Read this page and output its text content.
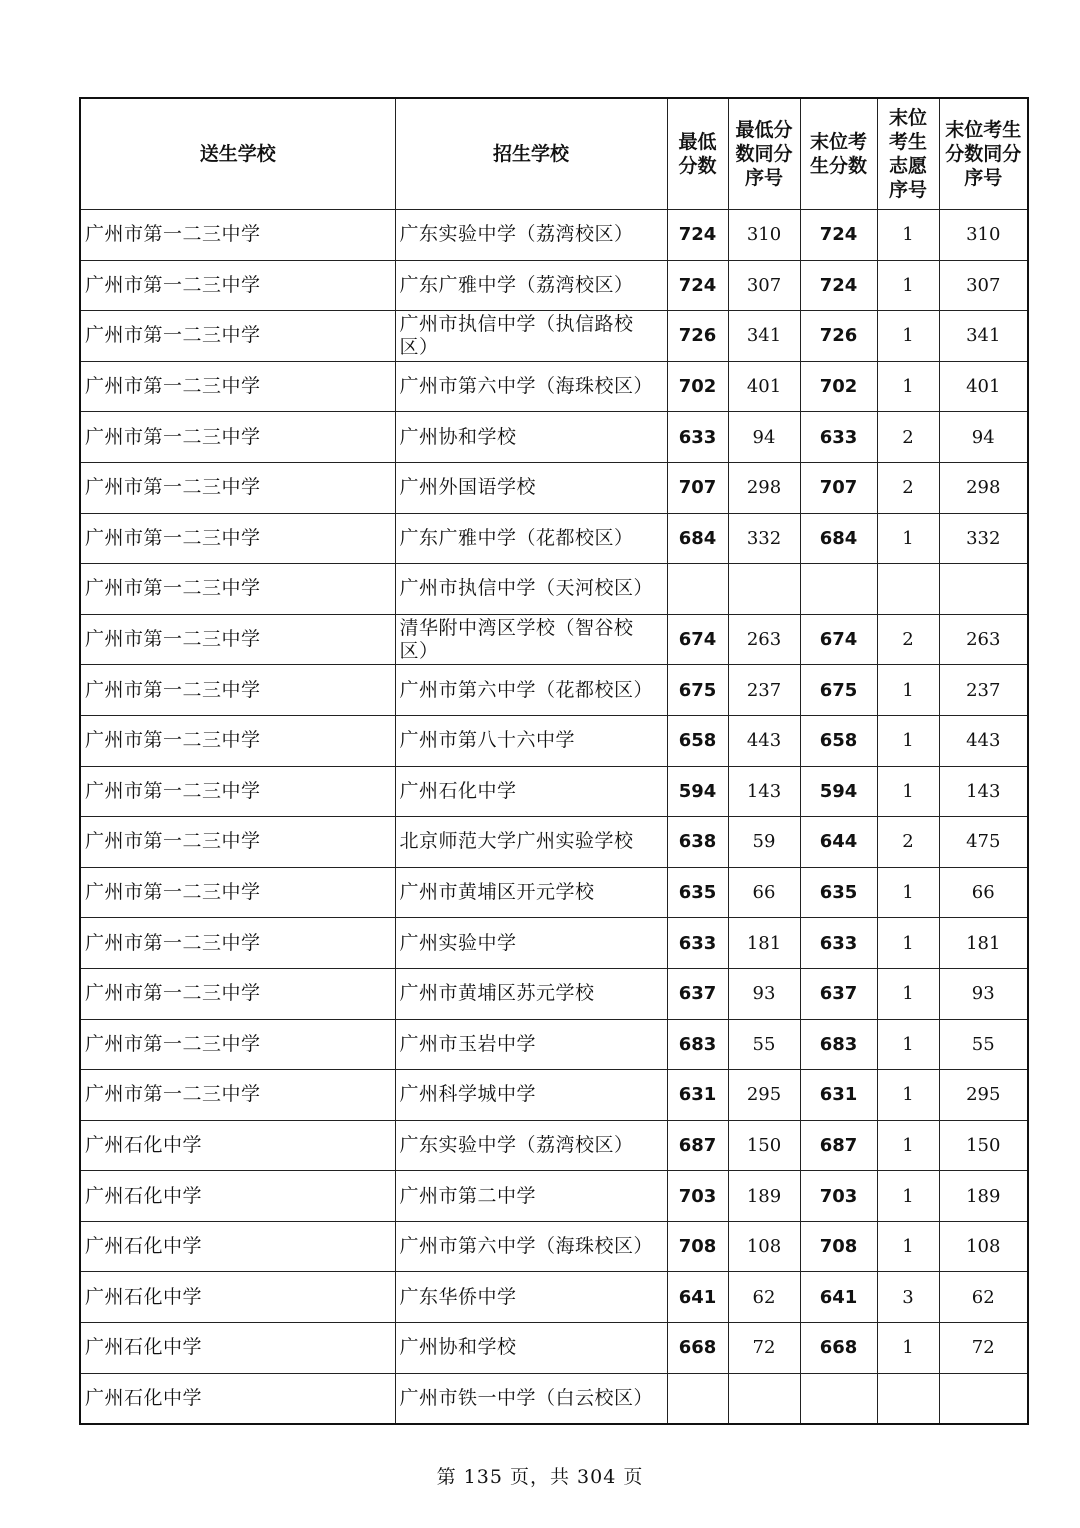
送生学校	招生学校	最低分数	最低分数同分序号	末位考生分数	末位考生志愿序号	末位考生分数同分序号
广州市第一二三中学	广东实验中学（荔湾校区）	724	310	724	1	310
广州市第一二三中学	广东广雅中学（荔湾校区）	724	307	724	1	307
广州市第一二三中学	广州市执信中学（执信路校区）	726	341	726	1	341
广州市第一二三中学	广州市第六中学（海珠校区）	702	401	702	1	401
广州市第一二三中学	广州协和学校	633	94	633	2	94
广州市第一二三中学	广州外国语学校	707	298	707	2	298
广州市第一二三中学	广东广雅中学（花都校区）	684	332	684	1	332
广州市第一二三中学	广州市执信中学（天河校区）					
广州市第一二三中学	清华附中湾区学校（智谷校区）	674	263	674	2	263
广州市第一二三中学	广州市第六中学（花都校区）	675	237	675	1	237
广州市第一二三中学	广州市第八十六中学	658	443	658	1	443
广州市第一二三中学	广州石化中学	594	143	594	1	143
广州市第一二三中学	北京师范大学广州实验学校	638	59	644	2	475
广州市第一二三中学	广州市黄埔区开元学校	635	66	635	1	66
广州市第一二三中学	广州实验中学	633	181	633	1	181
广州市第一二三中学	广州市黄埔区苏元学校	637	93	637	1	93
广州市第一二三中学	广州市玉岩中学	683	55	683	1	55
广州市第一二三中学	广州科学城中学	631	295	631	1	295
广州石化中学	广东实验中学（荔湾校区）	687	150	687	1	150
广州石化中学	广州市第二中学	703	189	703	1	189
广州石化中学	广州市第六中学（海珠校区）	708	108	708	1	108
广州石化中学	广东华侨中学	641	62	641	3	62
广州石化中学	广州协和学校	668	72	668	1	72
广州石化中学	广州市铁一中学（白云校区）					
第 135 页，共 304 页
